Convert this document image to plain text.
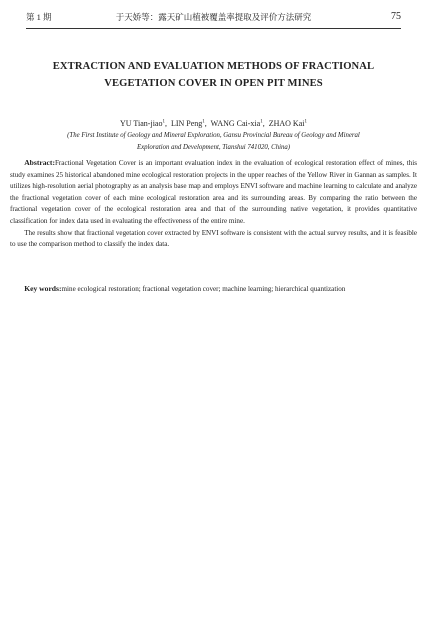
第 1 期	于天娇等：露天矿山植被覆盖率提取及评价方法研究	75
EXTRACTION AND EVALUATION METHODS OF FRACTIONAL
VEGETATION COVER IN OPEN PIT MINES
YU Tian-jiao$^1$,  LIN Peng$^1$,  WANG Cai-xia$^1$,  ZHAO Kai$^1$
(The First Institute of Geology and Mineral Exploration, Gansu Provincial Bureau of Geology and Mineral
Exploration and Development, Tianshui 741020, China)

Abstract:Fractional Vegetation Cover is an important evaluation index in the evaluation of ecological restoration effect of mines, this study examines 25 historical abandoned mine ecological restoration projects in the upper reaches of the Yellow River in Gannan as samples. It utilizes high-resolution aerial photography as an analysis base map and employs ENVI software and machine learning to calculate and analyze the fractional vegetation cover of each mine ecological restoration area and its surrounding areas. By comparing the ratio between the fractional vegetation cover of the ecological restoration area and that of the surrounding native vegetation, it provides quantitative classification for index data used in evaluating the effectiveness of the entire mine.

The results show that fractional vegetation cover extracted by ENVI software is consistent with the actual survey results, and it is feasible to use the comparison method to classify the index data.

Key words:mine ecological restoration; fractional vegetation cover; machine learning; hierarchical quantization
